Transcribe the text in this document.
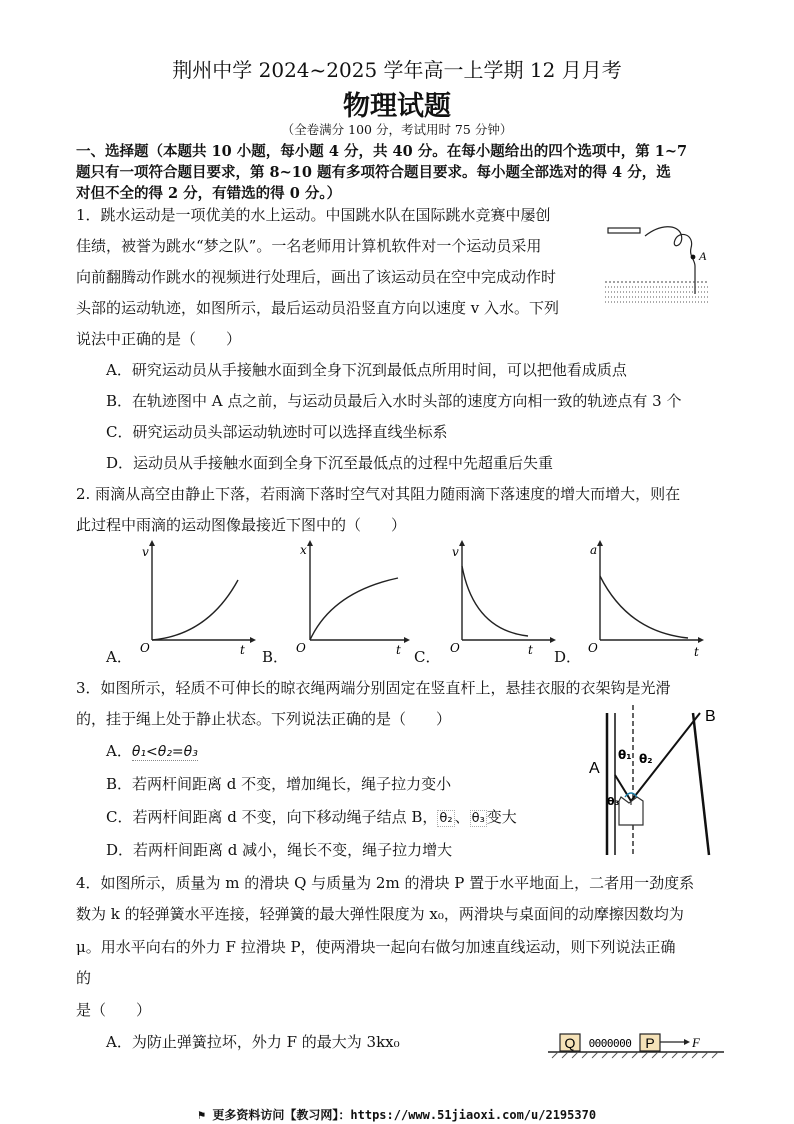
荆州中学 2024~2025 学年高一上学期 12 月月考
物理试题
（全卷满分 100 分，考试用时 75 分钟）
一、选择题（本题共 10 小题，每小题 4 分，共 40 分。在每小题给出的四个选项中，第 1~7
题只有一项符合题目要求，第 8~10 题有多项符合题目要求。每小题全部选对的得 4 分，选
对但不全的得 2 分，有错选的得 0 分。）
1．跳水运动是一项优美的水上运动。中国跳水队在国际跳水竞赛中屡创
佳绩，被誉为跳水“梦之队”。一名老师用计算机软件对一个运动员采用
向前翻腾动作跳水的视频进行处理后，画出了该运动员在空中完成动作时
头部的运动轨迹，如图所示，最后运动员沿竖直方向以速度 v 入水。下列
说法中正确的是（　　）
A
A．研究运动员从手接触水面到全身下沉到最低点所用时间，可以把他看成质点
B．在轨迹图中 A 点之前，与运动员最后入水时头部的速度方向相一致的轨迹点有 3 个
C．研究运动员头部运动轨迹时可以选择直线坐标系
D．运动员从手接触水面到全身下沉至最低点的过程中先超重后失重
2. 雨滴从高空由静止下落，若雨滴下落时空气对其阻力随雨滴下落速度的增大而增大，则在
此过程中雨滴的运动图像最接近下图中的（　　）
v
O	t
A．
x
O	t
B．
v
O	t
C．
a
O	t
D．
3．如图所示，轻质不可伸长的晾衣绳两端分别固定在竖直杆上，悬挂衣服的衣架钩是光滑
的，挂于绳上处于静止状态。下列说法正确的是（　　）
A．θ₁<θ₂=θ₃
B．若两杆间距离 d 不变，增加绳长，绳子拉力变小
C．若两杆间距离 d 不变，向下移动绳子结点 B， θ₂ 、 θ₃ 变大
D．若两杆间距离 d 减小，绳长不变，绳子拉力增大
A
B
θ₁ θ₂
θ₃
4．如图所示，质量为 m 的滑块 Q 与质量为 2m 的滑块 P 置于水平地面上，二者用一劲度系
数为 k 的轻弹簧水平连接，轻弹簧的最大弹性限度为 x₀，两滑块与桌面间的动摩擦因数均为
μ。用水平向右的外力 F 拉滑块 P，使两滑块一起向右做匀加速直线运动，则下列说法正确
的
是（　　）
A．为防止弹簧拉坏，外力 F 的最大为 3kx₀	Q	P
0000000	F
⚑ 更多资料访问【教习网】：https://www.51jiaoxi.com/u/2195370
